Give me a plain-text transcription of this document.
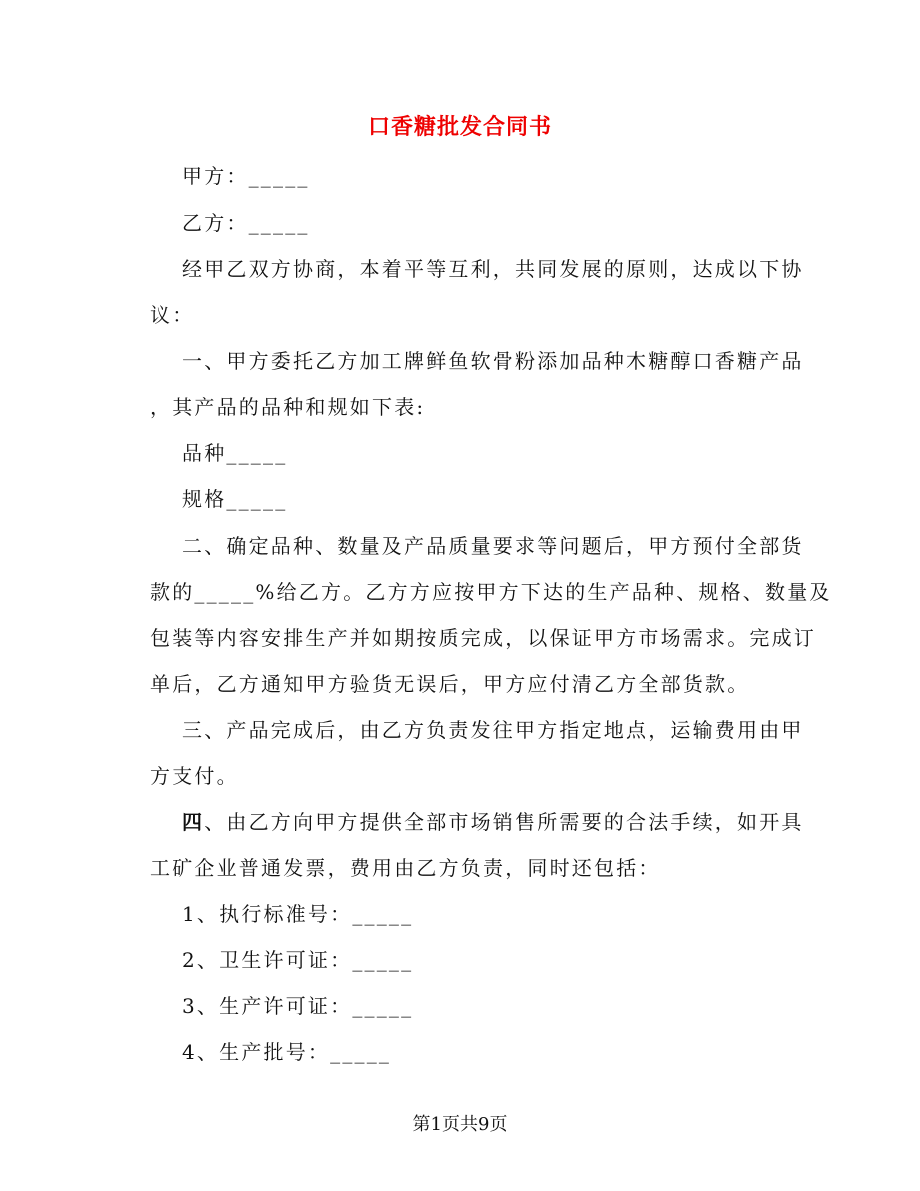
口香糖批发合同书
甲方：_____
乙方：_____
经甲乙双方协商，本着平等互利，共同发展的原则，达成以下协
议：
一、甲方委托乙方加工牌鲜鱼软骨粉添加品种木糖醇口香糖产品
，其产品的品种和规如下表:
品种_____
规格_____
二、确定品种、数量及产品质量要求等问题后，甲方预付全部货
款的_____%给乙方。乙方方应按甲方下达的生产品种、规格、数量及
包装等内容安排生产并如期按质完成，以保证甲方市场需求。完成订
单后，乙方通知甲方验货无误后，甲方应付清乙方全部货款。
三、产品完成后，由乙方负责发往甲方指定地点，运输费用由甲
方支付。
四、由乙方向甲方提供全部市场销售所需要的合法手续，如开具
工矿企业普通发票，费用由乙方负责，同时还包括：
1、执行标准号：_____
2、卫生许可证：_____
3、生产许可证：_____
4、生产批号：_____
第1页共9页
